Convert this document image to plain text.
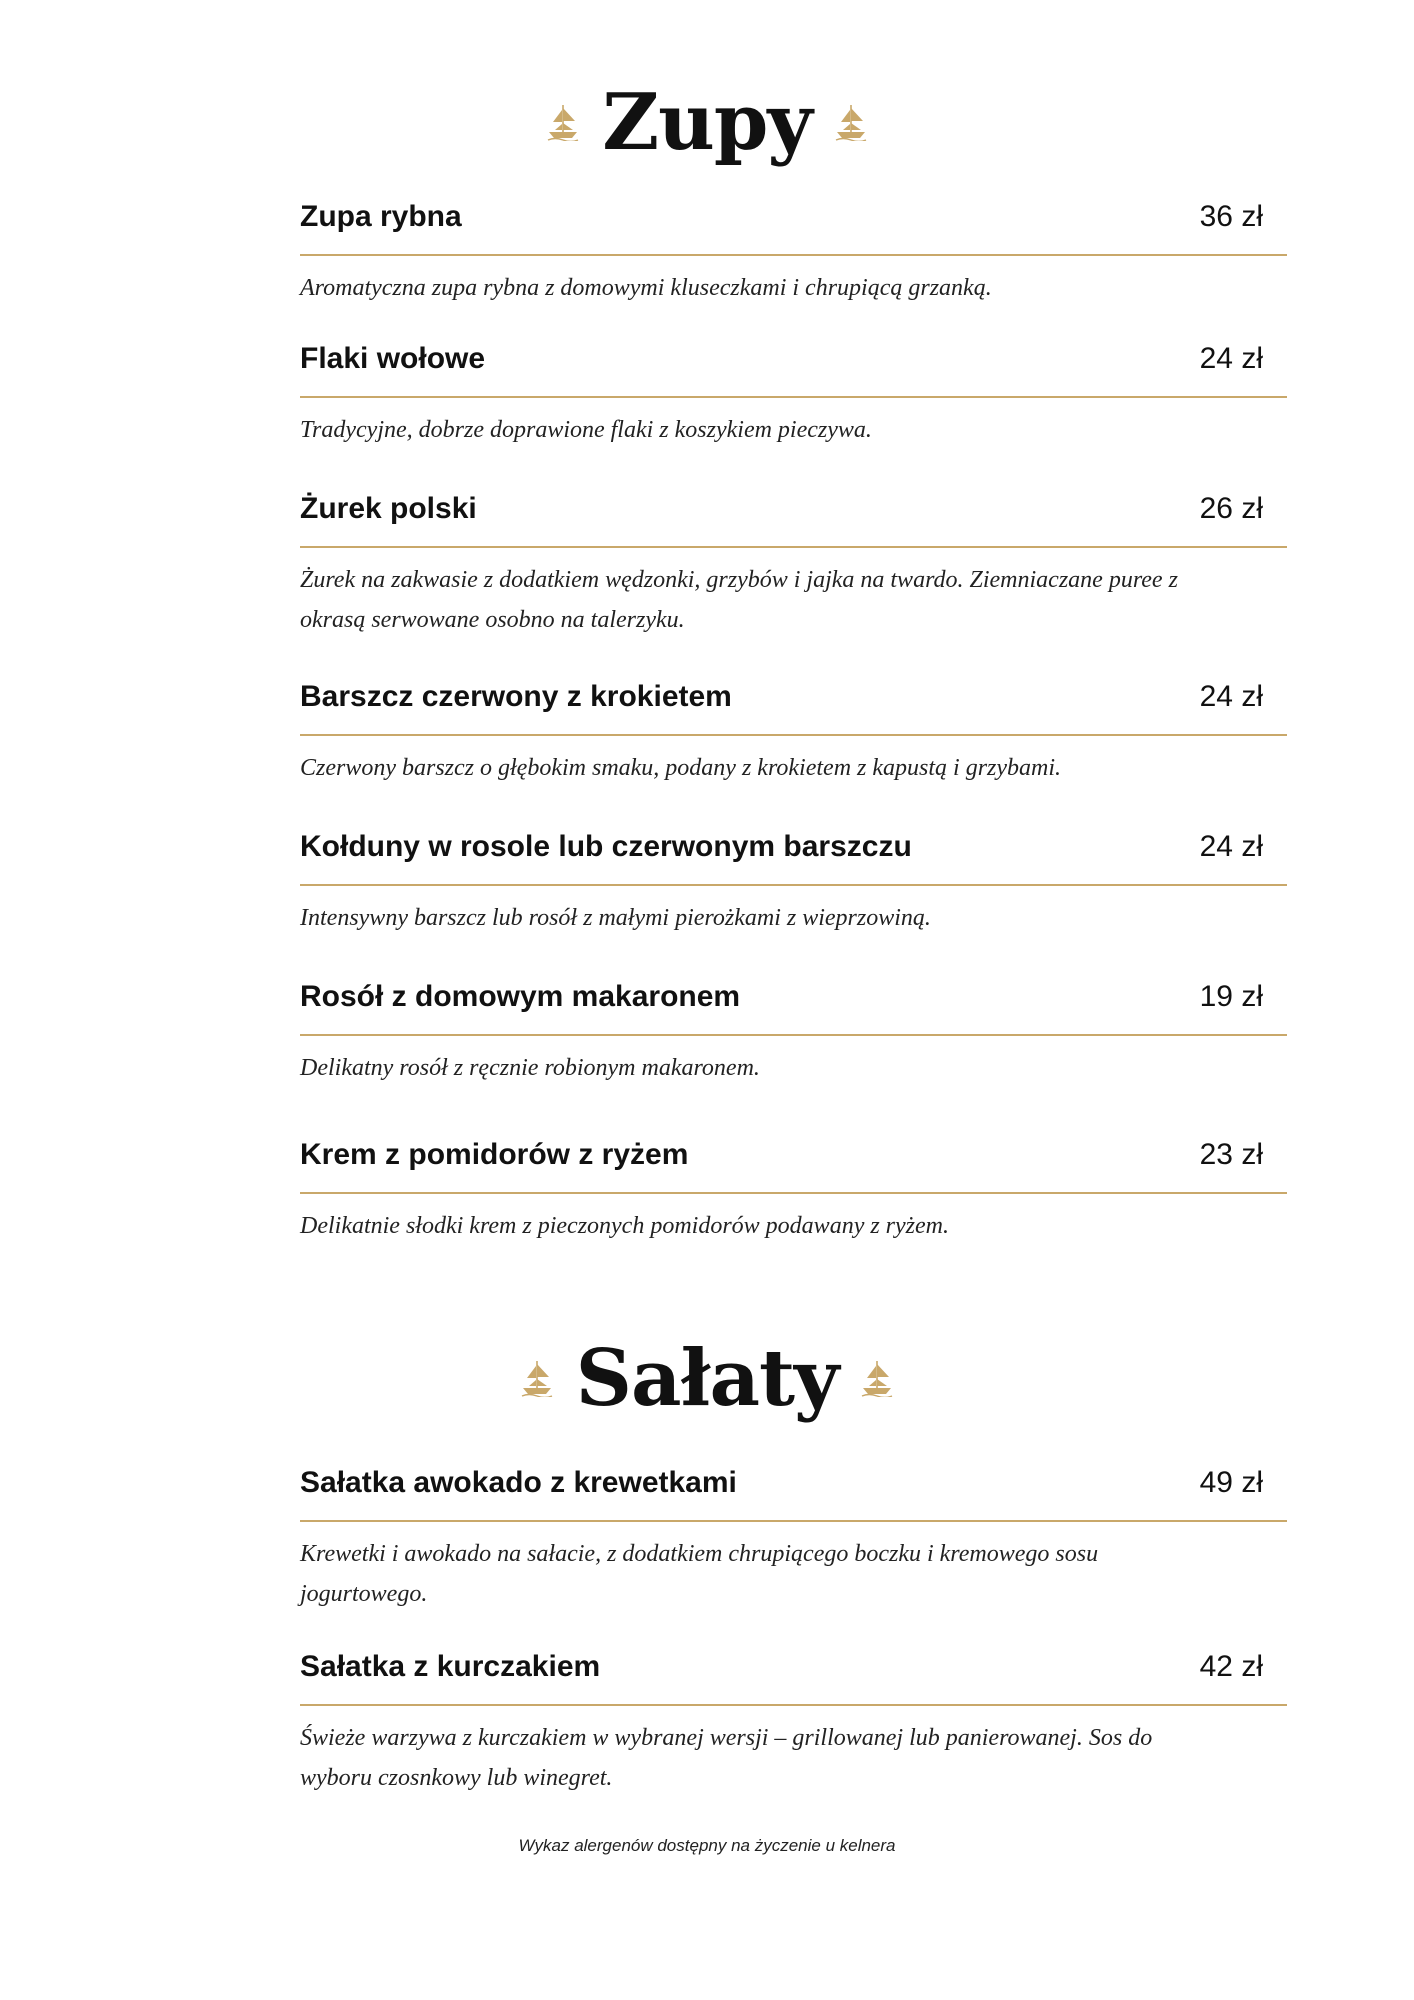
Zupy
Zupa rybna	36 zł
Aromatyczna zupa rybna z domowymi kluseczkami i chrupiącą grzanką.
Flaki wołowe	24 zł
Tradycyjne, dobrze doprawione flaki z koszykiem pieczywa.
Żurek polski	26 zł
Żurek na zakwasie z dodatkiem wędzonki, grzybów i jajka na twardo. Ziemniaczane puree z okrasą serwowane osobno na talerzyku.
Barszcz czerwony z krokietem	24 zł
Czerwony barszcz o głębokim smaku, podany z krokietem z kapustą i grzybami.
Kołduny w rosole lub czerwonym barszczu	24 zł
Intensywny barszcz lub rosół z małymi pierożkami z wieprzowiną.
Rosół z domowym makaronem	19 zł
Delikatny rosół z ręcznie robionym makaronem.
Krem z pomidorów z ryżem	23 zł
Delikatnie słodki krem z pieczonych pomidorów podawany z ryżem.
Sałaty
Sałatka awokado z krewetkami	49 zł
Krewetki i awokado na sałacie, z dodatkiem chrupiącego boczku i kremowego sosu jogurtowego.
Sałatka z kurczakiem	42 zł
Świeże warzywa z kurczakiem w wybranej wersji – grillowanej lub panierowanej. Sos do wyboru czosnkowy lub winegret.
Wykaz alergenów dostępny na życzenie u kelnera
